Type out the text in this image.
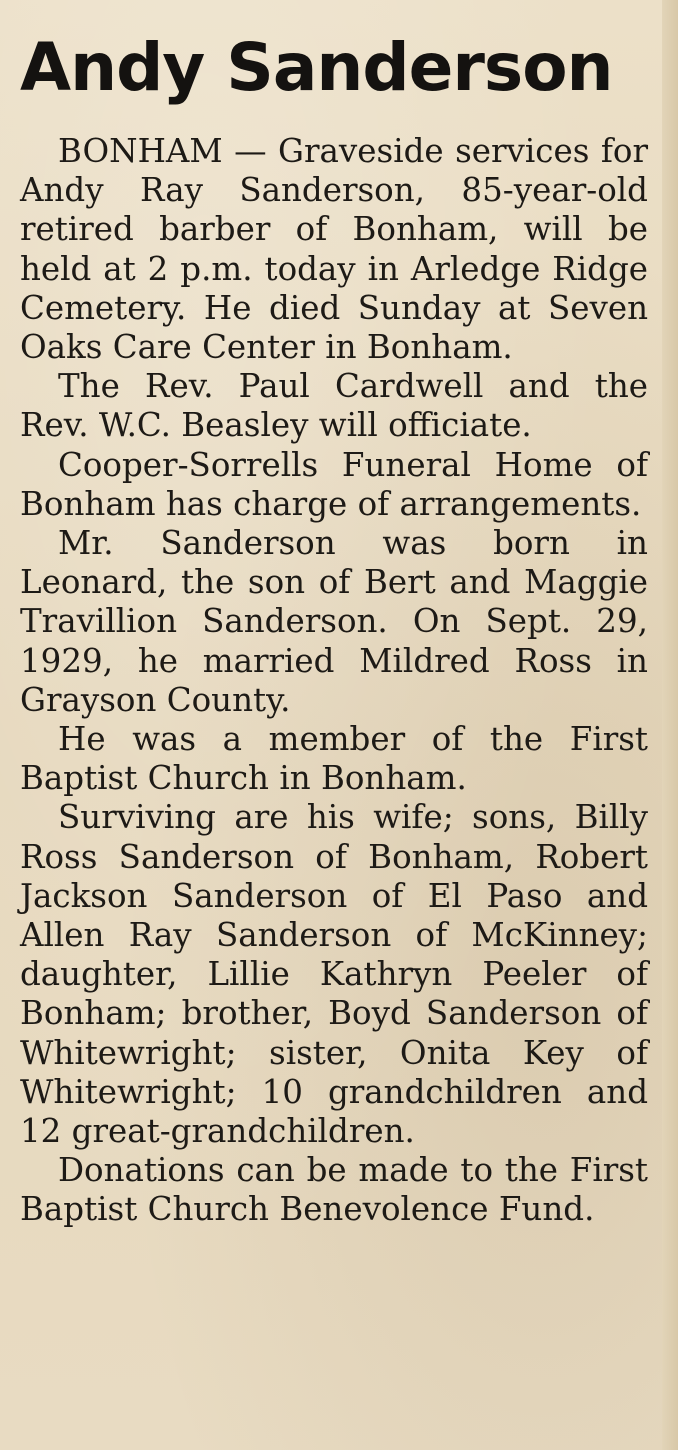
Andy Sanderson

BONHAM — Graveside services for Andy Ray Sanderson, 85-year-old retired barber of Bonham, will be held at 2 p.m. today in Arledge Ridge Cemetery. He died Sunday at Seven Oaks Care Center in Bonham.

The Rev. Paul Cardwell and the Rev. W.C. Beasley will officiate.

Cooper-Sorrells Funeral Home of Bonham has charge of arrangements.

Mr. Sanderson was born in Leonard, the son of Bert and Maggie Travillion Sanderson. On Sept. 29, 1929, he married Mildred Ross in Grayson County.

He was a member of the First Baptist Church in Bonham.

Surviving are his wife; sons, Billy Ross Sanderson of Bonham, Robert Jackson Sanderson of El Paso and Allen Ray Sanderson of McKinney; daughter, Lillie Kathryn Peeler of Bonham; brother, Boyd Sanderson of Whitewright; sister, Onita Key of Whitewright; 10 grandchildren and 12 great-grandchildren.

Donations can be made to the First Baptist Church Benevolence Fund.
